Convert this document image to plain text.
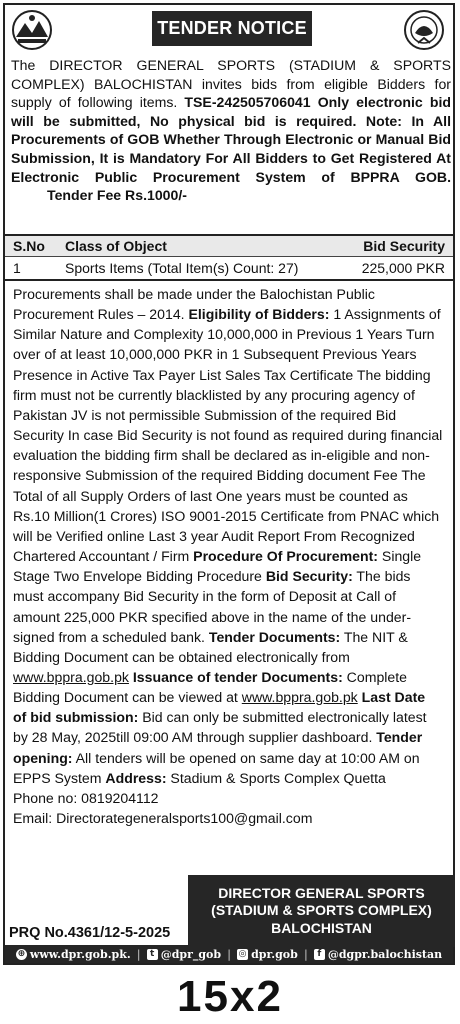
TENDER NOTICE
The DIRECTOR GENERAL SPORTS (STADIUM & SPORTS COMPLEX) BALOCHISTAN invites bids from eligible Bidders for supply of following items. TSE-242505706041 Only electronic bid will be submitted, No physical bid is required. Note: In All Procurements of GOB Whether Through Electronic or Manual Bid Submission, It is Mandatory For All Bidders to Get Registered At Electronic Public Procurement System of BPPRA GOB. Tender Fee Rs.1000/-
S.No	Class of Object	Bid Security
1	Sports Items (Total Item(s) Count: 27)	225,000 PKR
Procurements shall be made under the Balochistan Public
Procurement Rules – 2014. Eligibility of Bidders: 1 Assignments of
Similar Nature and Complexity 10,000,000 in Previous 1 Years Turn
over of at least 10,000,000 PKR in 1 Subsequent Previous Years
Presence in Active Tax Payer List Sales Tax Certificate The bidding
firm must not be currently blacklisted by any procuring agency of
Pakistan JV is not permissible Submission of the required Bid
Security In case Bid Security is not found as required during financial
evaluation the bidding firm shall be declared as in-eligible and non-
responsive Submission of the required Bidding document Fee The
Total of all Supply Orders of last One years must be counted as
Rs.10 Million(1 Crores) ISO 9001-2015 Certificate from PNAC which
will be Verified online Last 3 year Audit Report From Recognized
Chartered Accountant / Firm Procedure Of Procurement: Single
Stage Two Envelope Bidding Procedure Bid Security: The bids
must accompany Bid Security in the form of Deposit at Call of
amount 225,000 PKR specified above in the name of the under-
signed from a scheduled bank. Tender Documents: The NIT &
Bidding Document can be obtained electronically from
www.bppra.gob.pk Issuance of tender Documents: Complete
Bidding Document can be viewed at www.bppra.gob.pk Last Date
of bid submission: Bid can only be submitted electronically latest
by 28 May, 2025till 09:00 AM through supplier dashboard. Tender
opening: All tenders will be opened on same day at 10:00 AM on
EPPS System Address: Stadium & Sports Complex Quetta
Phone no: 0819204112
Email: Directorategeneralsports100@gmail.com
DIRECTOR GENERAL SPORTS
(STADIUM & SPORTS COMPLEX)
BALOCHISTAN
PRQ No.4361/12-5-2025
⊕ www.dpr.gob.pk. |	t @dpr_gob | ◎ dpr.gob |	f @dgpr.balochistan
15x2
